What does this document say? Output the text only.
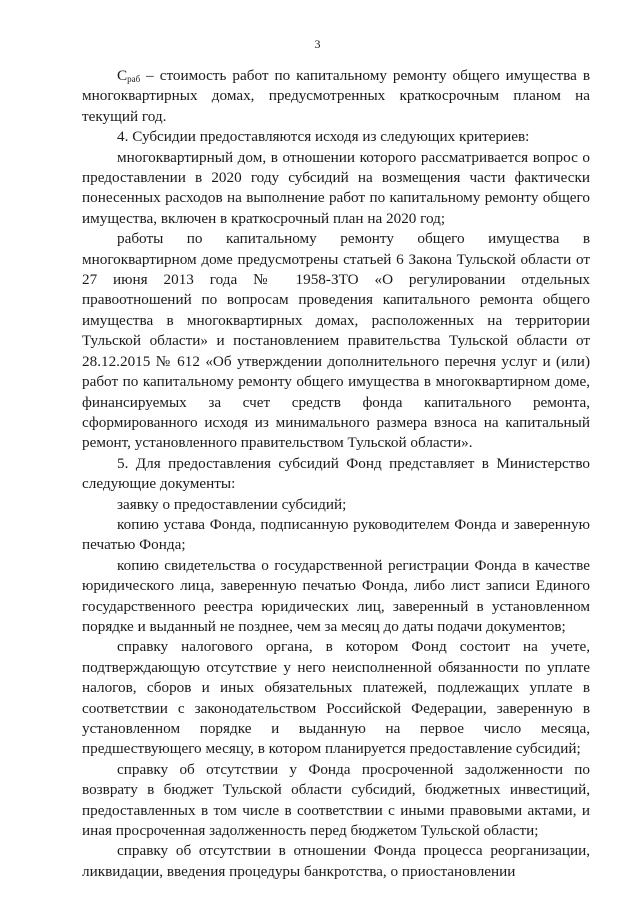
3

$С_{раб}$ – стоимость работ по капитальному ремонту общего имущества в многоквартирных домах, предусмотренных краткосрочным планом на текущий год.

4. Субсидии предоставляются исходя из следующих критериев:

многоквартирный дом, в отношении которого рассматривается вопрос о предоставлении в 2020 году субсидий на возмещения части фактически понесенных расходов на выполнение работ по капитальному ремонту общего имущества, включен в краткосрочный план на 2020 год;

работы по капитальному ремонту общего имущества в многоквартирном доме предусмотрены статьей 6 Закона Тульской области от 27 июня 2013 года № 1958-ЗТО «О регулировании отдельных правоотношений по вопросам проведения капитального ремонта общего имущества в многоквартирных домах, расположенных на территории Тульской области» и постановлением правительства Тульской области от 28.12.2015 № 612 «Об утверждении дополнительного перечня услуг и (или) работ по капитальному ремонту общего имущества в многоквартирном доме, финансируемых за счет средств фонда капитального ремонта, сформированного исходя из минимального размера взноса на капитальный ремонт, установленного правительством Тульской области».

5. Для предоставления субсидий Фонд представляет в Министерство следующие документы:

заявку о предоставлении субсидий;

копию устава Фонда, подписанную руководителем Фонда и заверенную печатью Фонда;

копию свидетельства о государственной регистрации Фонда в качестве юридического лица, заверенную печатью Фонда, либо лист записи Единого государственного реестра юридических лиц, заверенный в установленном порядке и выданный не позднее, чем за месяц до даты подачи документов;

справку налогового органа, в котором Фонд состоит на учете, подтверждающую отсутствие у него неисполненной обязанности по уплате налогов, сборов и иных обязательных платежей, подлежащих уплате в соответствии с законодательством Российской Федерации, заверенную в установленном порядке и выданную на первое число месяца, предшествующего месяцу, в котором планируется предоставление субсидий;

справку об отсутствии у Фонда просроченной задолженности по возврату в бюджет Тульской области субсидий, бюджетных инвестиций, предоставленных в том числе в соответствии с иными правовыми актами, и иная просроченная задолженность перед бюджетом Тульской области;

справку об отсутствии в отношении Фонда процесса реорганизации, ликвидации, введения процедуры банкротства, о приостановлении
